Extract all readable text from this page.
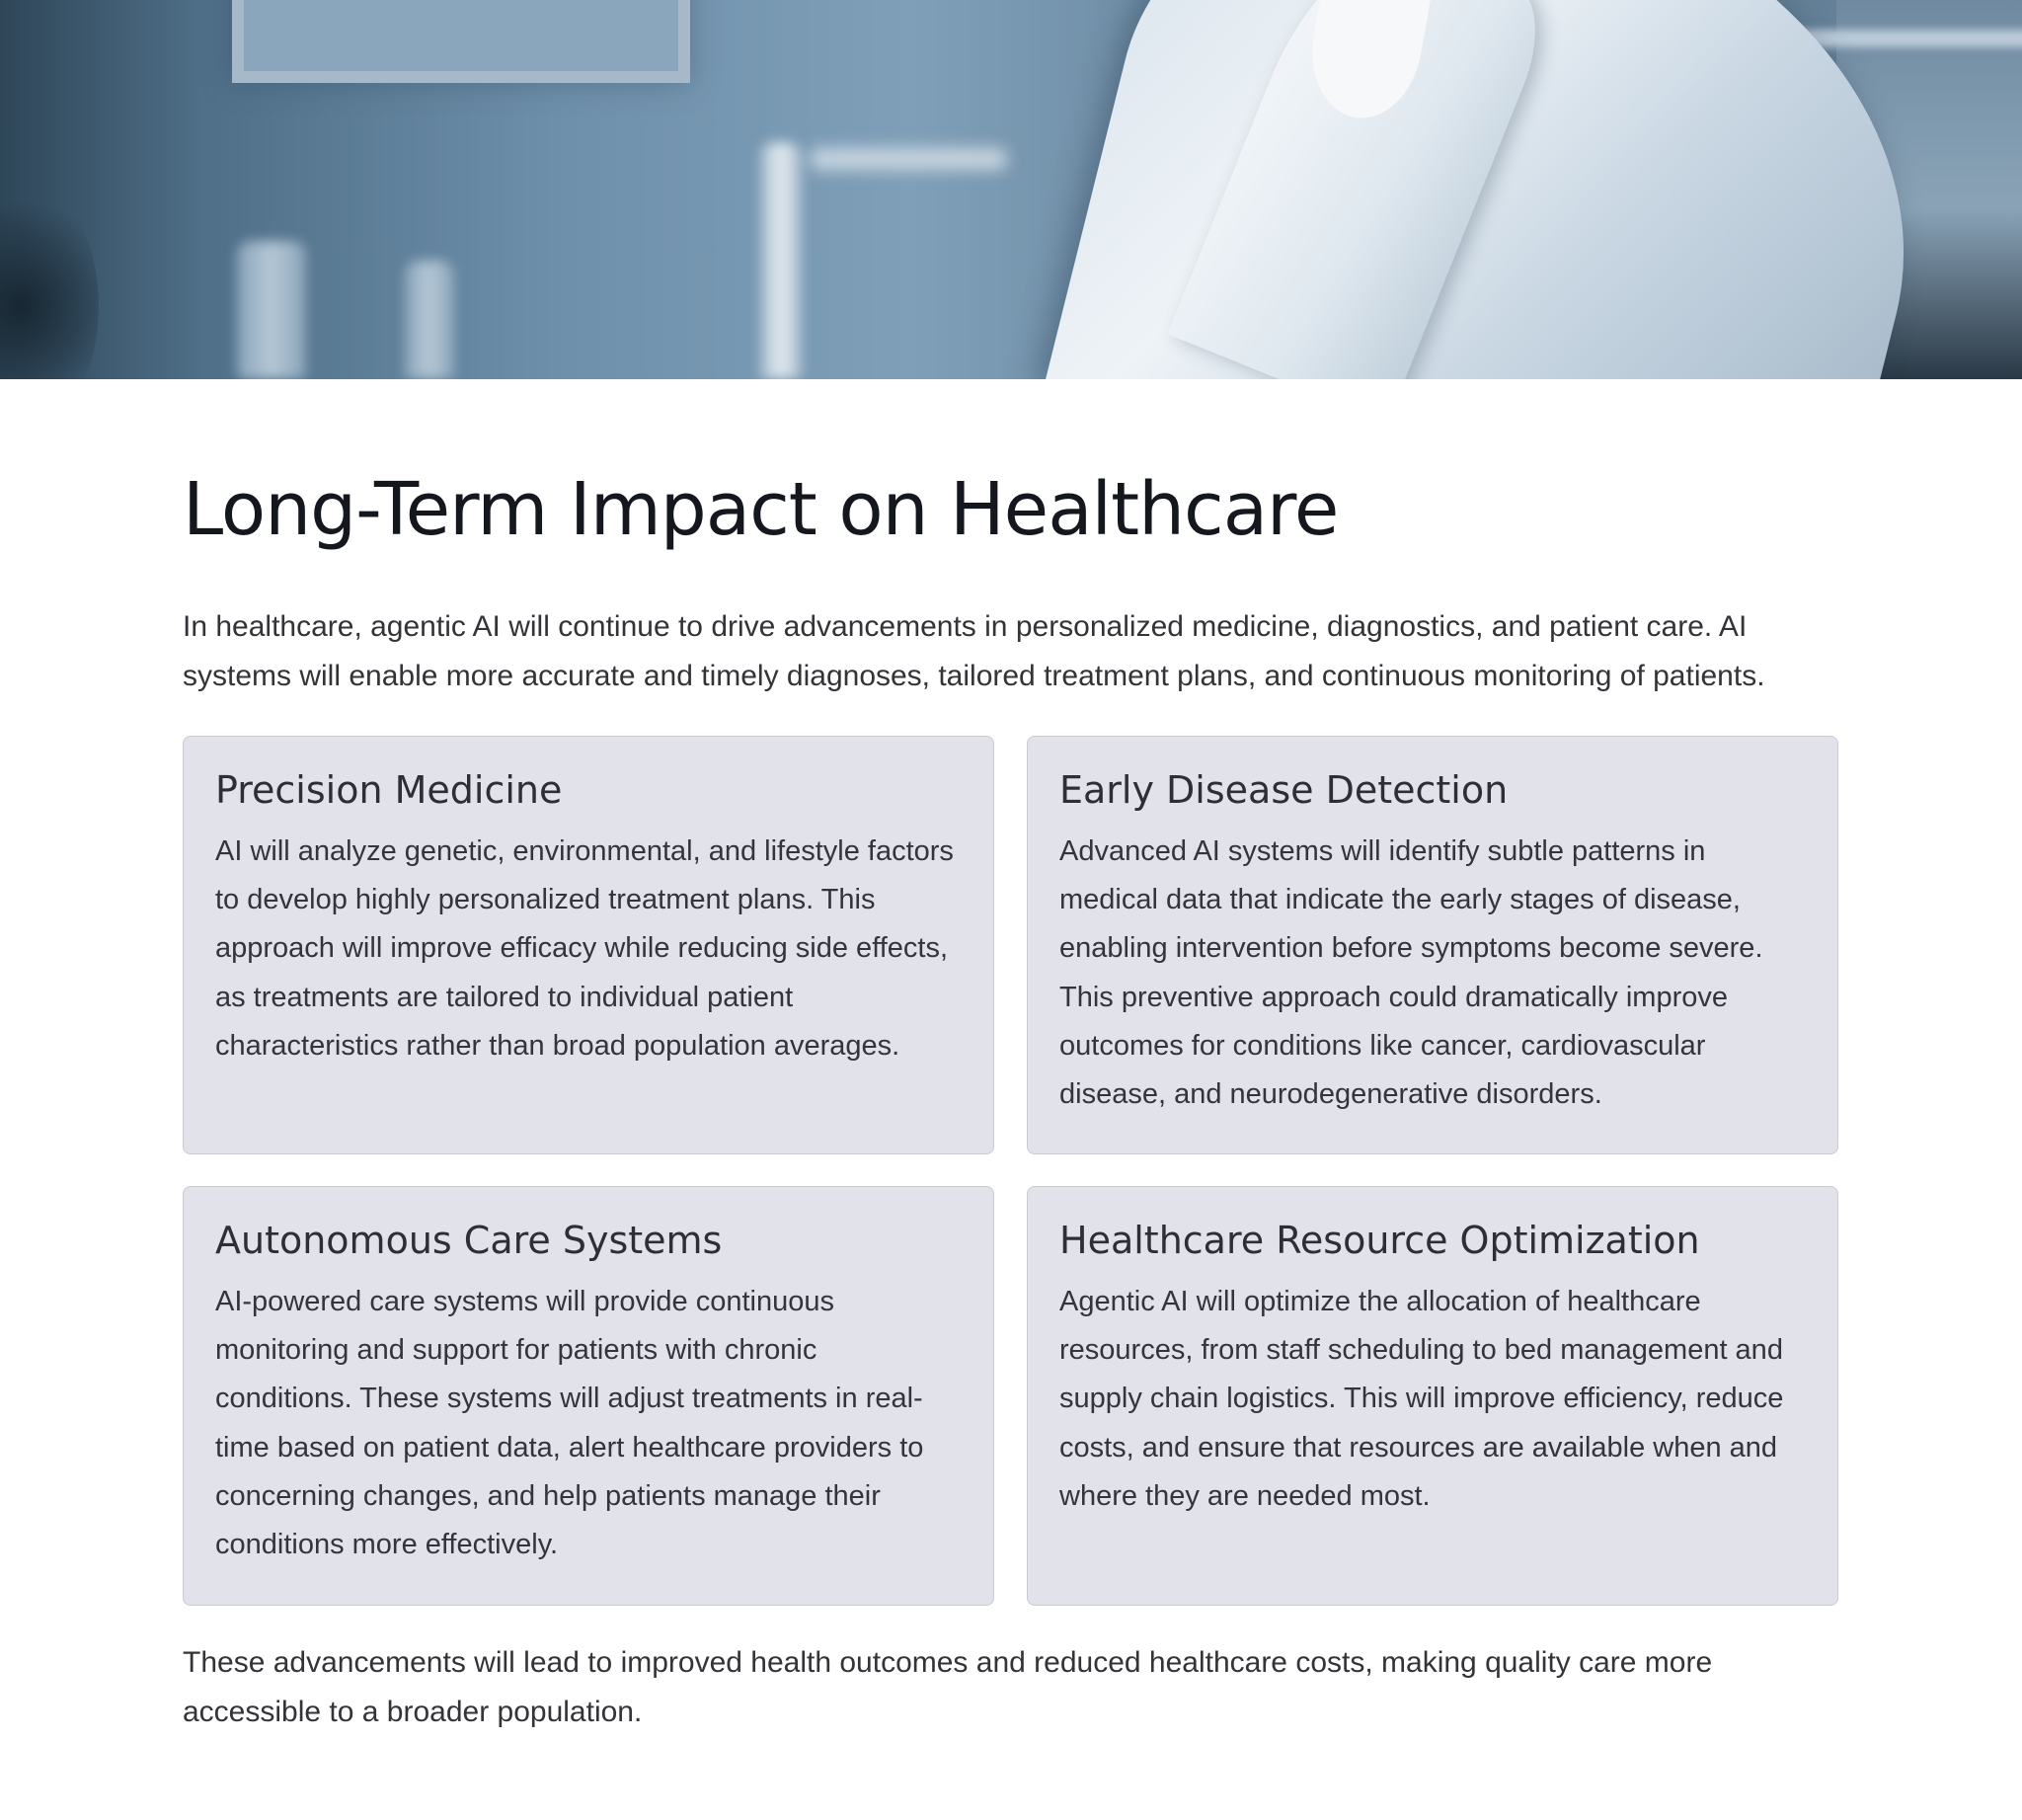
Long-Term Impact on Healthcare

In healthcare, agentic AI will continue to drive advancements in personalized medicine, diagnostics, and patient care. AI systems will enable more accurate and timely diagnoses, tailored treatment plans, and continuous monitoring of patients.

Precision Medicine

AI will analyze genetic, environmental, and lifestyle factors to develop highly personalized treatment plans. This approach will improve efficacy while reducing side effects, as treatments are tailored to individual patient characteristics rather than broad population averages.

Early Disease Detection

Advanced AI systems will identify subtle patterns in medical data that indicate the early stages of disease, enabling intervention before symptoms become severe. This preventive approach could dramatically improve outcomes for conditions like cancer, cardiovascular disease, and neurodegenerative disorders.

Autonomous Care Systems

AI-powered care systems will provide continuous monitoring and support for patients with chronic conditions. These systems will adjust treatments in real-time based on patient data, alert healthcare providers to concerning changes, and help patients manage their conditions more effectively.

Healthcare Resource Optimization

Agentic AI will optimize the allocation of healthcare resources, from staff scheduling to bed management and supply chain logistics. This will improve efficiency, reduce costs, and ensure that resources are available when and where they are needed most.

These advancements will lead to improved health outcomes and reduced healthcare costs, making quality care more accessible to a broader population.
